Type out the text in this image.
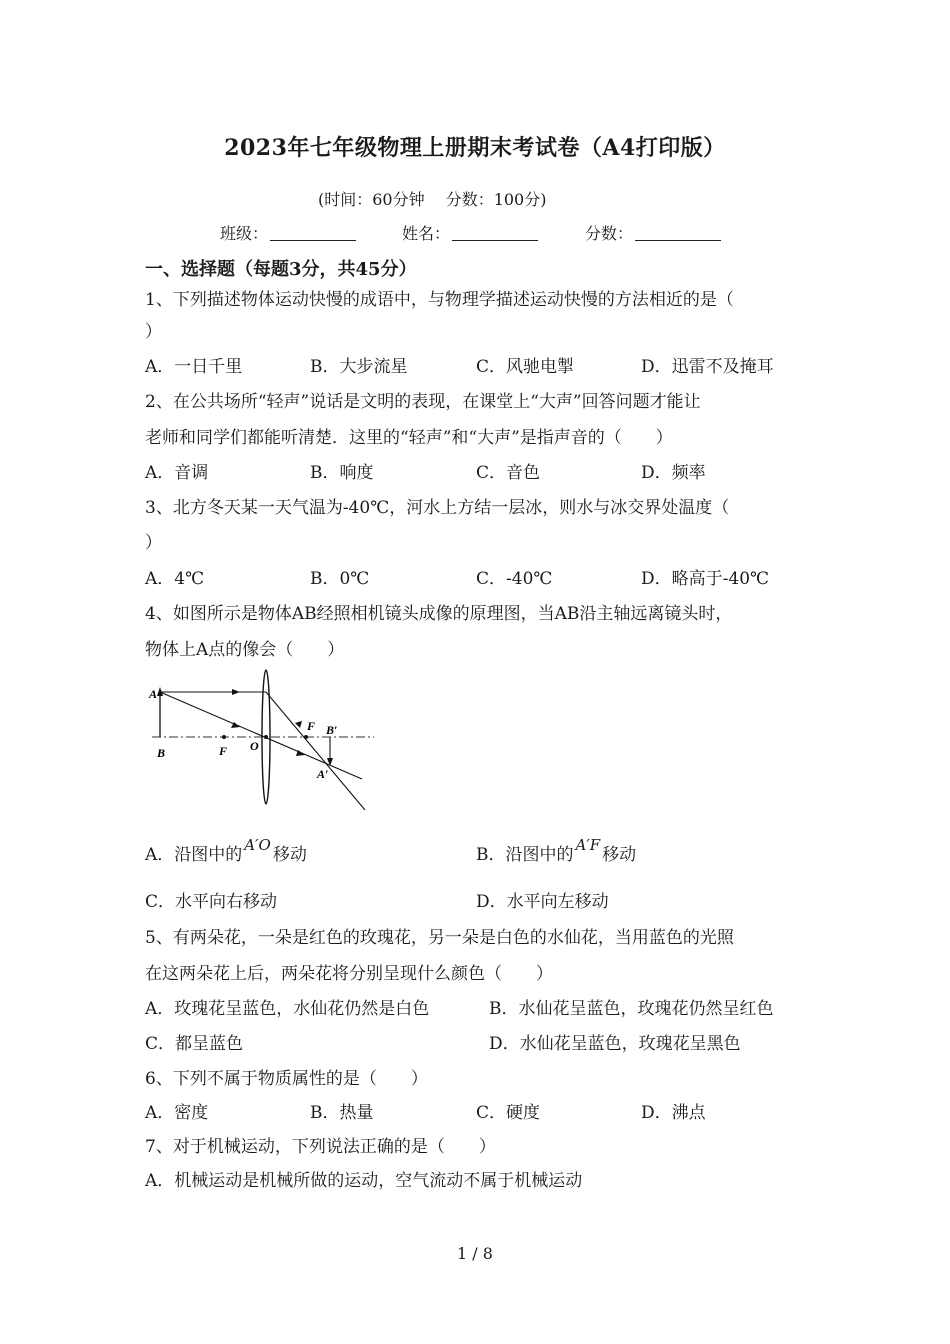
2023年七年级物理上册期末考试卷（A4打印版）
(时间：60分钟　 分数：100分)
班级：	姓名：	分数：
一、选择题（每题3分，共45分）
1、下列描述物体运动快慢的成语中，与物理学描述运动快慢的方法相近的是（
）
A．一日千里	B．大步流星	C．风驰电掣	D．迅雷不及掩耳
2、在公共场所“轻声”说话是文明的表现，在课堂上“大声”回答问题才能让
老师和同学们都能听清楚．这里的“轻声”和“大声”是指声音的（　　）
A．音调	B．响度	C．音色	D．频率
3、北方冬天某一天气温为-40℃，河水上方结一层冰，则水与冰交界处温度（
）
A．4℃	B．0℃	C．-40℃	D．略高于-40℃
4、如图所示是物体AB经照相机镜头成像的原理图，当AB沿主轴远离镜头时，
物体上A点的像会（　　）
A
B	F O
F B′
A′
A．沿图中的 A′O 移动	B．沿图中的 A′F 移动
C．水平向右移动	D．水平向左移动
5、有两朵花，一朵是红色的玫瑰花，另一朵是白色的水仙花，当用蓝色的光照
在这两朵花上后，两朵花将分别呈现什么颜色（　　）
A．玫瑰花呈蓝色，水仙花仍然是白色	B．水仙花呈蓝色，玫瑰花仍然呈红色
C．都呈蓝色	D．水仙花呈蓝色，玫瑰花呈黑色
6、下列不属于物质属性的是（　　）
A．密度	B．热量	C．硬度	D．沸点
7、对于机械运动，下列说法正确的是（　　）
A．机械运动是机械所做的运动，空气流动不属于机械运动
1 / 8
